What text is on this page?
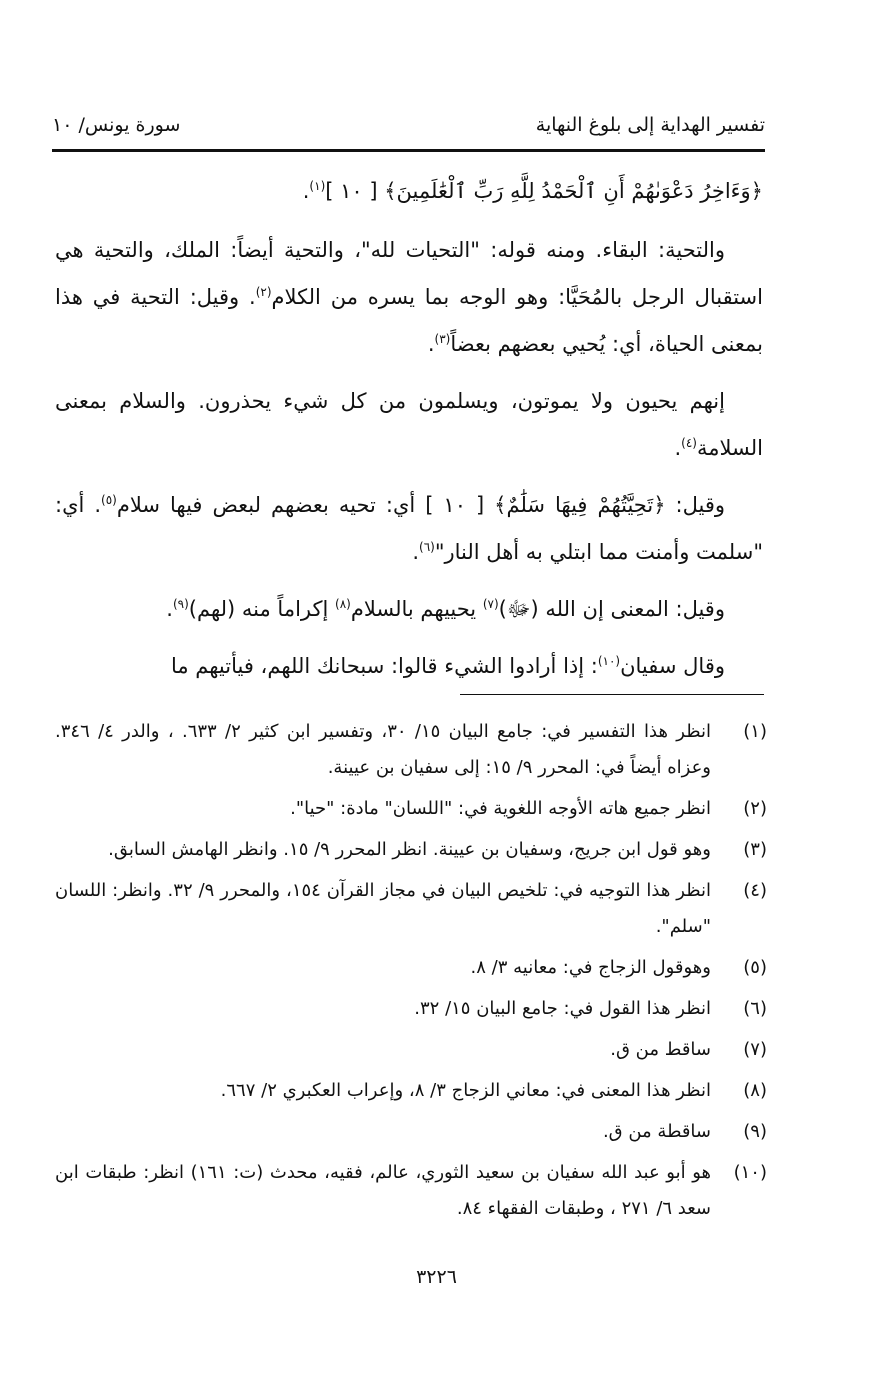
تفسير الهداية إلى بلوغ النهاية
سورة يونس/ ١٠

﴿وَءَاخِرُ دَعْوَىٰهُمْ أَنِ ٱلْحَمْدُ لِلَّهِ رَبِّ ٱلْعَٰلَمِينَ﴾ [ ١٠ ]$^{(١)}$.

والتحية: البقاء. ومنه قوله: "التحيات لله"، والتحية أيضاً: الملك، والتحية هي استقبال الرجل بالمُحَيَّا: وهو الوجه بما يسره من الكلام$^{(٢)}$. وقيل: التحية في هذا بمعنى الحياة، أي: يُحيي بعضهم بعضاً$^{(٣)}$.

إنهم يحيون ولا يموتون، ويسلمون من كل شيء يحذرون. والسلام بمعنى السلامة$^{(٤)}$.

وقيل: ﴿تَحِيَّتُهُمْ فِيهَا سَلَٰمٌ﴾ [ ١٠ ] أي: تحيه بعضهم لبعض فيها سلام$^{(٥)}$. أي: "سلمت وأمنت مما ابتلي به أهل النار"$^{(٦)}$.

وقيل: المعنى إن الله (ﷻ)$^{(٧)}$ يحييهم بالسلام$^{(٨)}$ إكراماً منه (لهم)$^{(٩)}$.

وقال سفيان$^{(١٠)}$: إذا أرادوا الشيء قالوا: سبحانك اللهم، فيأتيهم ما

(١)
انظر هذا التفسير في: جامع البيان ١٥/ ٣٠، وتفسير ابن كثير ٢/ ٦٣٣. ، والدر ٤/ ٣٤٦. وعزاه أيضاً في: المحرر ٩/ ١٥: إلى سفيان بن عيينة.
(٢)
انظر جميع هاته الأوجه اللغوية في: "اللسان" مادة: "حيا".
(٣)
وهو قول ابن جريج، وسفيان بن عيينة. انظر المحرر ٩/ ١٥. وانظر الهامش السابق.
(٤)
انظر هذا التوجيه في: تلخيص البيان في مجاز القرآن ١٥٤، والمحرر ٩/ ٣٢. وانظر: اللسان "سلم".
(٥)
وهوقول الزجاج في: معانيه ٣/ ٨.
(٦)
انظر هذا القول في: جامع البيان ١٥/ ٣٢.
(٧)
ساقط من ق.
(٨)
انظر هذا المعنى في: معاني الزجاج ٣/ ٨، وإعراب العكبري ٢/ ٦٦٧.
(٩)
ساقطة من ق.
(١٠)
هو أبو عبد الله سفيان بن سعيد الثوري، عالم، فقيه، محدث (ت: ١٦١) انظر: طبقات ابن سعد ٦/ ٢٧١ ، وطبقات الفقهاء ٨٤.
٣٢٢٦
